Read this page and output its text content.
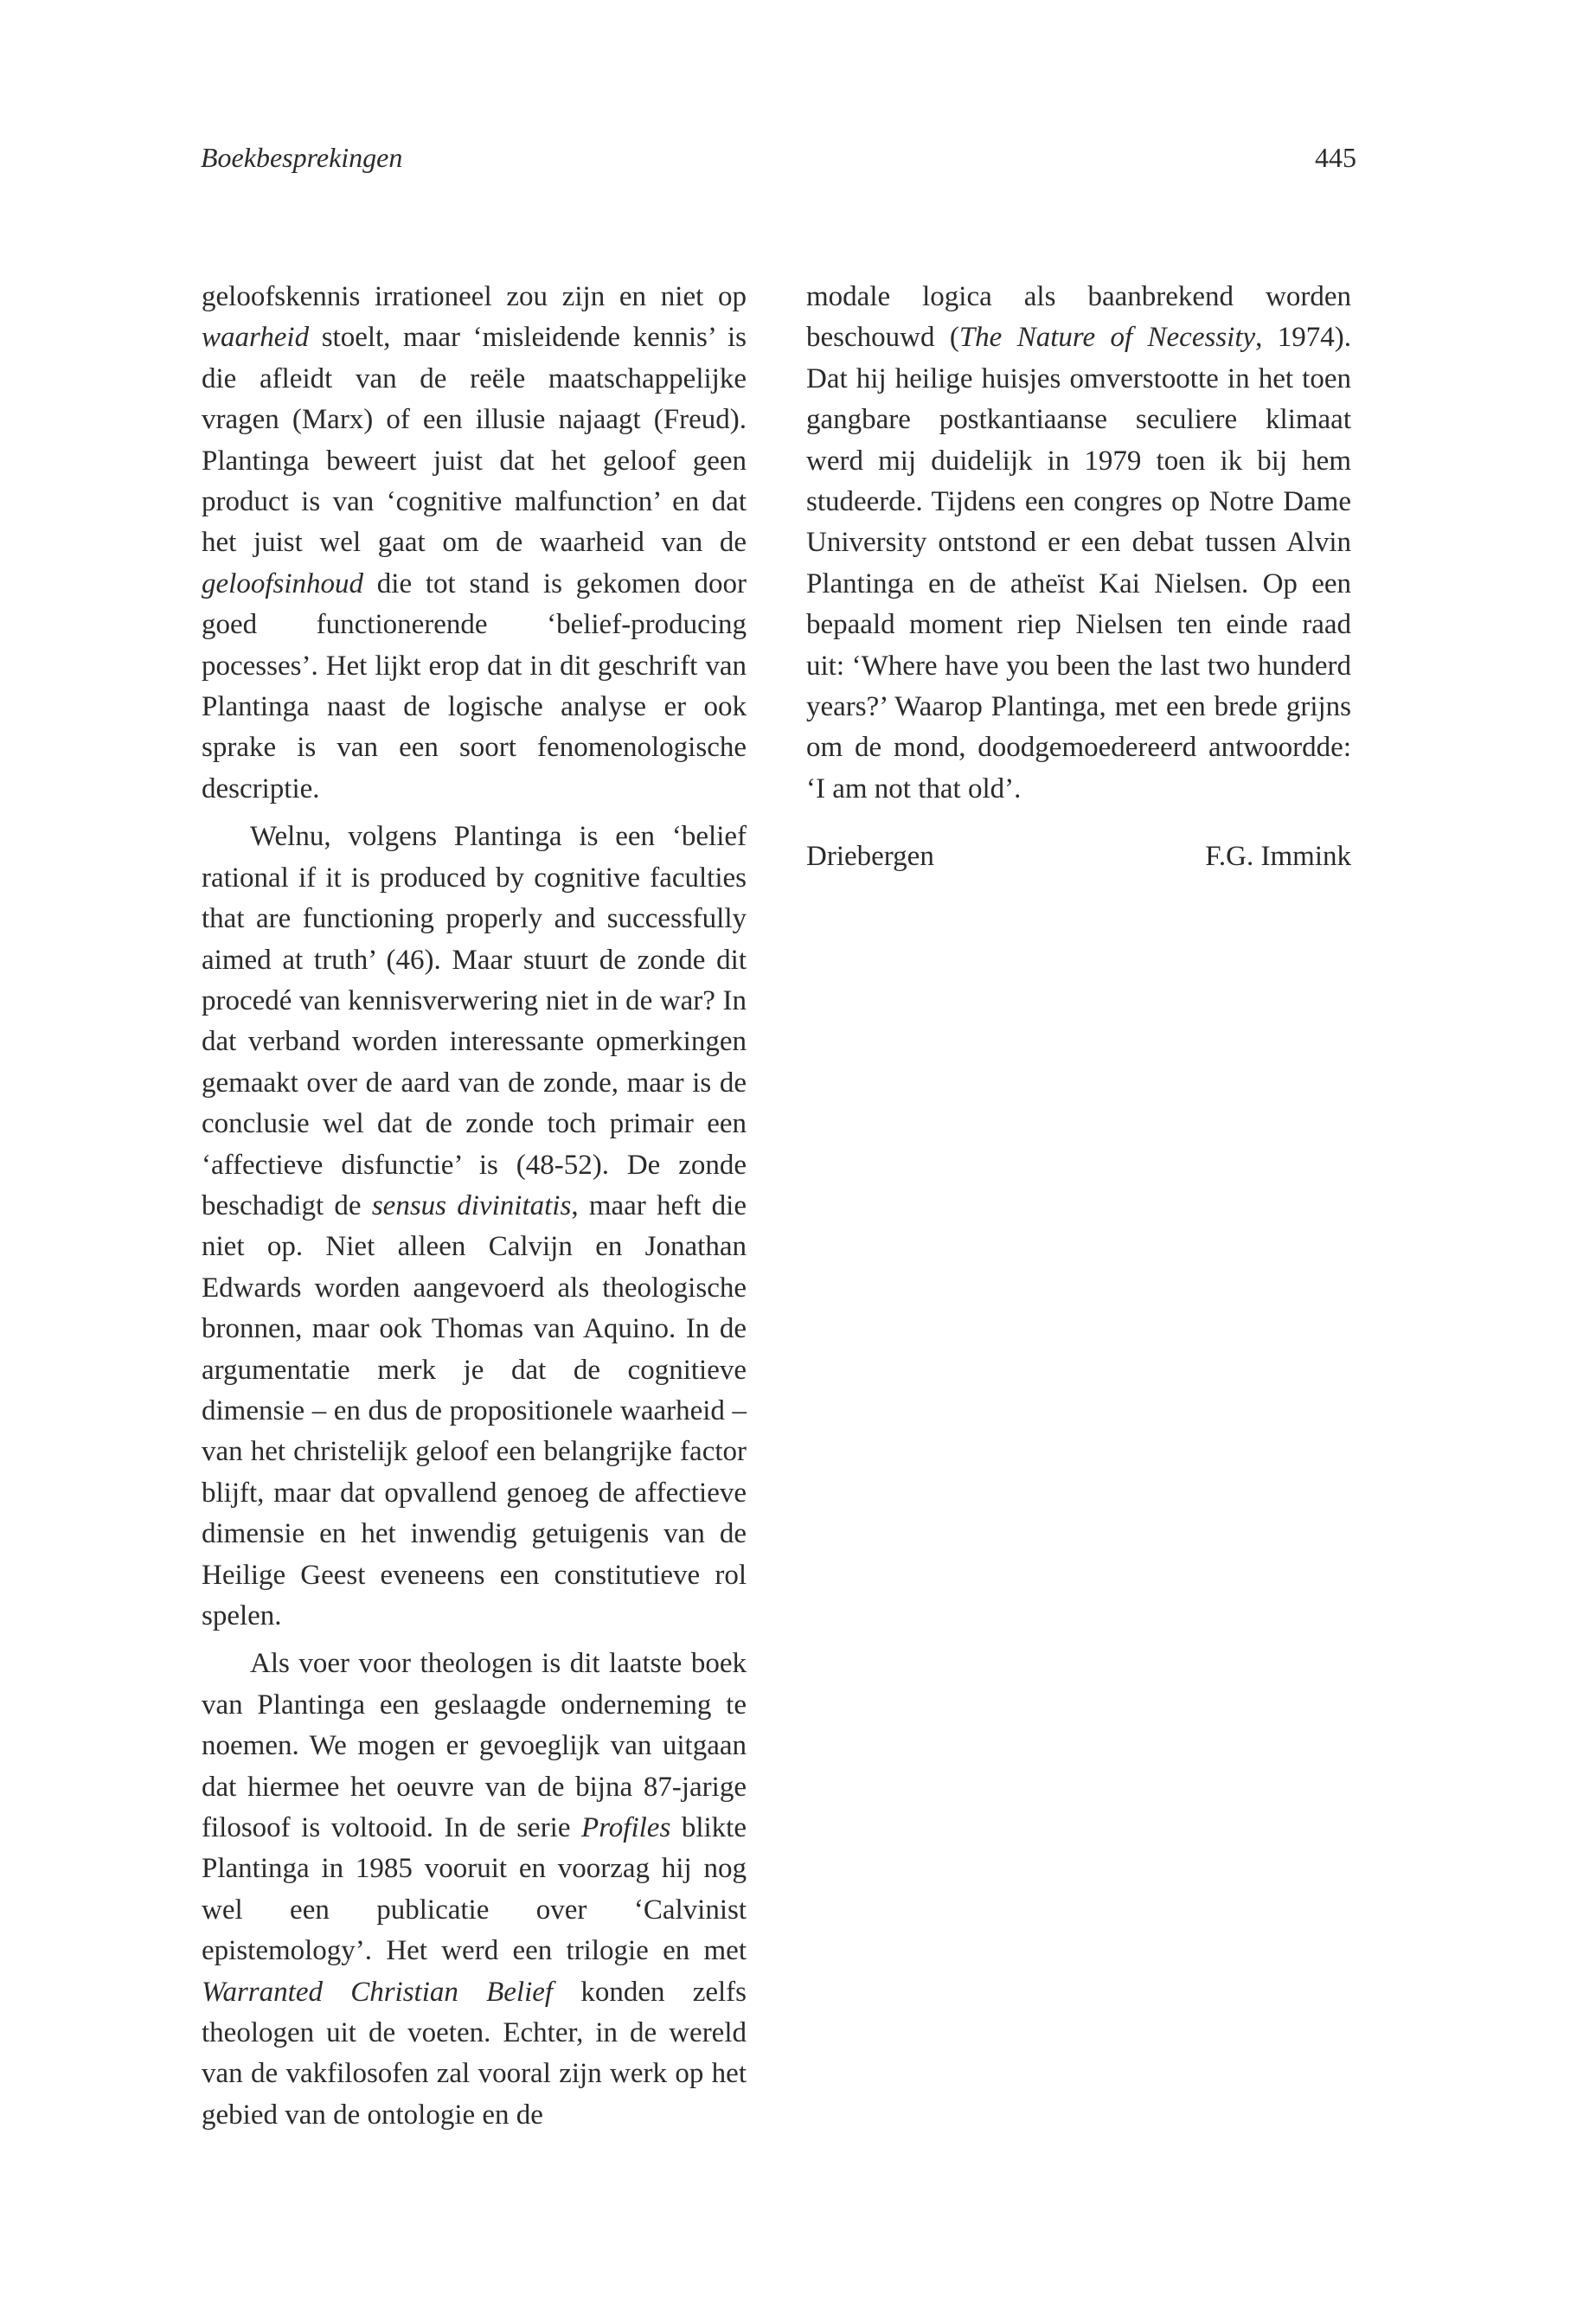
Boekbesprekingen	445

geloofskennis irrationeel zou zijn en niet op waarheid stoelt, maar ‘misleidende kennis’ is die afleidt van de reële maatschappelijke vragen (Marx) of een illusie najaagt (Freud). Plantinga beweert juist dat het geloof geen product is van ‘cognitive malfunction’ en dat het juist wel gaat om de waarheid van de geloofsinhoud die tot stand is gekomen door goed functionerende ‘belief-producing pocesses’. Het lijkt erop dat in dit geschrift van Plantinga naast de logische analyse er ook sprake is van een soort fenomenologische descriptie.

Welnu, volgens Plantinga is een ‘belief rational if it is produced by cognitive faculties that are functioning properly and successfully aimed at truth’ (46). Maar stuurt de zonde dit procedé van kennisverwering niet in de war? In dat verband worden interessante opmerkingen gemaakt over de aard van de zonde, maar is de conclusie wel dat de zonde toch primair een ‘affectieve disfunctie’ is (48-52). De zonde beschadigt de sensus divinitatis, maar heft die niet op. Niet alleen Calvijn en Jonathan Edwards worden aangevoerd als theologische bronnen, maar ook Thomas van Aquino. In de argumentatie merk je dat de cognitieve dimensie – en dus de propositionele waarheid – van het christelijk geloof een belangrijke factor blijft, maar dat opvallend genoeg de affectieve dimensie en het inwendig getuigenis van de Heilige Geest eveneens een constitutieve rol spelen.

Als voer voor theologen is dit laatste boek van Plantinga een geslaagde onderneming te noemen. We mogen er gevoeglijk van uitgaan dat hiermee het oeuvre van de bijna 87-jarige filosoof is voltooid. In de serie Profiles blikte Plantinga in 1985 vooruit en voorzag hij nog wel een publicatie over ‘Calvinist epistemology’. Het werd een trilogie en met Warranted Christian Belief konden zelfs theologen uit de voeten. Echter, in de wereld van de vakfilosofen zal vooral zijn werk op het gebied van de ontologie en de

modale logica als baanbrekend worden beschouwd (The Nature of Necessity, 1974). Dat hij heilige huisjes omverstootte in het toen gangbare postkantiaanse seculiere klimaat werd mij duidelijk in 1979 toen ik bij hem studeerde. Tijdens een congres op Notre Dame University ontstond er een debat tussen Alvin Plantinga en de atheïst Kai Nielsen. Op een bepaald moment riep Nielsen ten einde raad uit: ‘Where have you been the last two hunderd years?’ Waarop Plantinga, met een brede grijns om de mond, doodgemoedereerd antwoordde: ‘I am not that old’.

Driebergen	F.G. Immink
